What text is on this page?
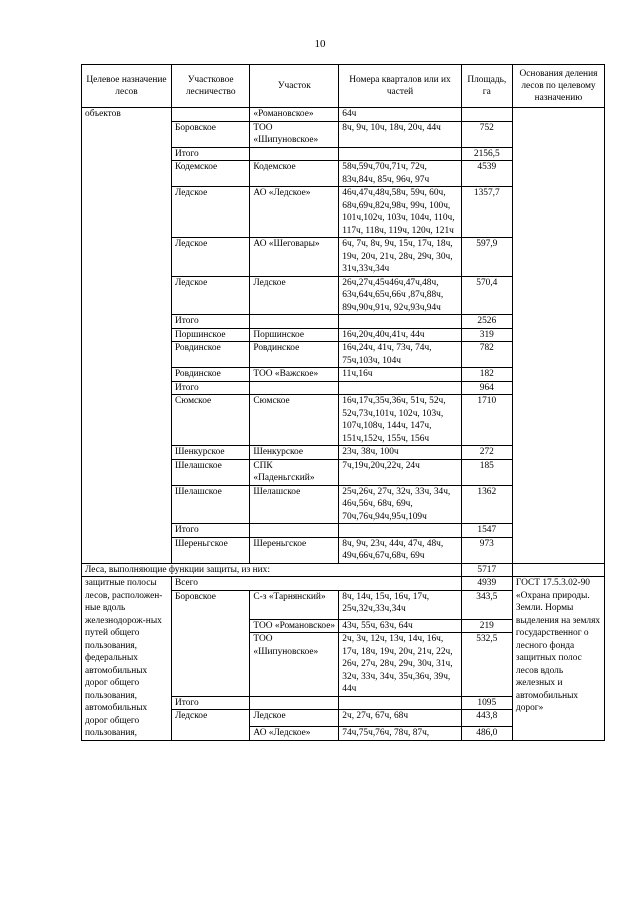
10
Целевое назначение лесов	Участковое лесничество	Участок	Номера кварталов или их частей	Площадь, га	Основания деления лесов по целевому назначению
объектов		«Романовское»	64ч		
	Боровское	ТОО «Шипуновское»	8ч, 9ч, 10ч, 18ч, 20ч, 44ч	752	
	Итого			2156,5	
	Кодемское	Кодемское	58ч,59ч,70ч,71ч, 72ч, 83ч,84ч, 85ч, 96ч, 97ч	4539	
	Ледское	АО «Ледское»	46ч,47ч,48ч,58ч, 59ч, 60ч, 68ч,69ч,82ч,98ч, 99ч, 100ч, 101ч,102ч, 103ч, 104ч, 110ч, 117ч, 118ч, 119ч, 120ч, 121ч	1357,7	
	Ледское	АО «Шеговары»	6ч, 7ч, 8ч, 9ч, 15ч, 17ч, 18ч, 19ч, 20ч, 21ч, 28ч, 29ч, 30ч, 31ч,33ч,34ч	597,9	
	Ледское	Ледское	26ч,27ч,45ч46ч,47ч,48ч, 63ч,64ч,65ч,66ч ,87ч,88ч, 89ч,90ч,91ч, 92ч,93ч,94ч	570,4	
	Итого			2526	
	Поршинское	Поршинское	16ч,20ч,40ч,41ч, 44ч	319	
	Ровдинское	Ровдинское	16ч,24ч, 41ч, 73ч, 74ч, 75ч,103ч, 104ч	782	
	Ровдинское	ТОО «Важское»	11ч,16ч	182	
	Итого			964	
	Сюмское	Сюмское	16ч,17ч,35ч,36ч, 51ч, 52ч, 52ч,73ч,101ч, 102ч, 103ч, 107ч,108ч, 144ч, 147ч, 151ч,152ч, 155ч, 156ч	1710	
	Шенкурское	Шенкурское	23ч, 38ч, 100ч	272	
	Шелашское	СПК «Паденьгский»	7ч,19ч,20ч,22ч, 24ч	185	
	Шелашское	Шелашское	25ч,26ч, 27ч, 32ч, 33ч, 34ч, 46ч,56ч, 68ч, 69ч, 70ч,76ч,94ч,95ч,109ч	1362	
	Итого			1547	
	Шереньгское	Шереньгское	8ч, 9ч, 23ч, 44ч, 47ч, 48ч, 49ч,66ч,67ч,68ч, 69ч	973	
Леса, выполняющие функции защиты, из них:				5717	
защитные полосы лесов, расположен-ные вдоль железнодорож-ных путей общего пользования, федеральных автомобильных дорог общего пользования, автомобильных дорог общего пользования,	Всего			4939	ГОСТ 17.5.3.02-90 «Охрана природы. Земли. Нормы выделения на землях государственног о лесного фонда защитных полос лесов вдоль железных и автомобильных дорог»
	Боровское	С-з «Тарнянский»	8ч, 14ч, 15ч, 16ч, 17ч, 25ч,32ч,33ч,34ч	343,5	
		ТОО «Романовское»	43ч, 55ч, 63ч, 64ч	219	
		ТОО «Шипуновское»	2ч, 3ч, 12ч, 13ч, 14ч, 16ч, 17ч, 18ч, 19ч, 20ч, 21ч, 22ч, 26ч, 27ч, 28ч, 29ч, 30ч, 31ч, 32ч, 33ч, 34ч, 35ч,36ч, 39ч, 44ч	532,5	
	Итого			1095	
	Ледское	Ледское	2ч, 27ч, 67ч, 68ч	443,8	
		АО «Ледское»	74ч,75ч,76ч, 78ч, 87ч,	486,0	
